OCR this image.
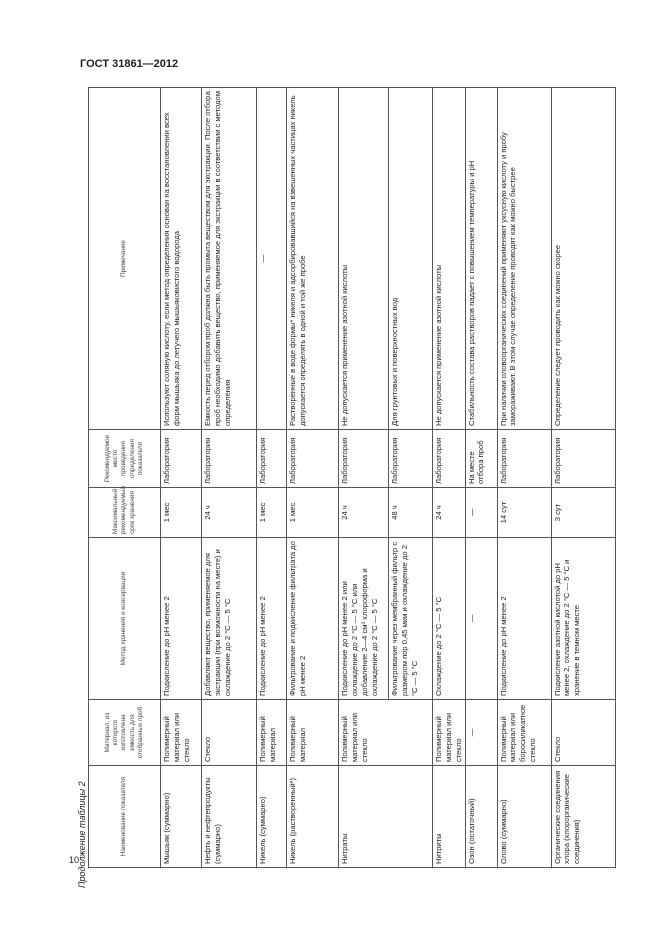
ГОСТ 31861—2012
Продолжение таблицы 2
10
Наименование показателя	Материал, из которого изготовлена емкость для отобранных проб	Метод хранения и консервации	Максимальный рекомендуемый срок хранения	Рекомендуемое место проведения определения показателя	Примечание
Мышьяк (суммарно)	Полимерный материал или стекло	Подкисление до pH менее 2	1 мес	Лаборатория	Используют соляную кислоту, если метод определения основан на восстановлении всех форм мышьяка до летучего мышьяковистого водорода
Нефть и нефтепродукты (суммарно)	Стекло	Добавляют вещество, применяемое для экстракции (при возможности на месте) и охлаждение до 2 °С — 5 °С	24 ч	Лаборатория	Емкость перед отбором проб должна быть промыта веществом для экстракции. После отбора проб необходимо добавить вещество, применяемое для экстракции в соответствии с методом определения
Никель (суммарно)	Полимерный материал	Подкисление до pH менее 2	1 мес	Лаборатория	—
Никель (растворенный*)	Полимерный материал	Фильтрование и подкисление фильтрата до pH менее 2	1 мес	Лаборатория	Растворенные в воде формы* никеля и адсорбировавшийся на взвешенных частицах никель допускается определять в одной и той же пробе
Нитраты	Полимерный материал или стекло	Подкисление до pH менее 2 или охлаждение до 2 °С — 5 °С или добавление 2—4 см³ хлороформа и охлаждение до 2 °С — 5 °С	24 ч	Лаборатория	Не допускается применение азотной кислоты
		Фильтрование через мембранный фильтр с размером пор 0,45 мкм и охлаждение до 2 °С — 5 °С	48 ч	Лаборатория	Для грунтовых и поверхностных вод
Нитриты	Полимерный материал или стекло	Охлаждение до 2 °С — 5 °С	24 ч	Лаборатория	Не допускается применение азотной кислоты
Озон (остаточный)	—	—	—	На месте отбора проб	Стабильность состава растворов падает с повышением температуры и pH
Олово (суммарно)	Полимерный материал или боросиликатное стекло	Подкисление до pH менее 2	14 сут	Лаборатория	При наличии оловоорганических соединений применяют уксусную кислоту и пробу замораживают. В этом случае определение проводят как можно быстрее
Органические соединения хлора (хлорорганические соединения)	Стекло	Подкисление азотной кислотой до pH менее 2, охлаждение до 2 °С — 5 °С и хранение в темном месте	3 сут	Лаборатория	Определение следует проводить как можно скорее
